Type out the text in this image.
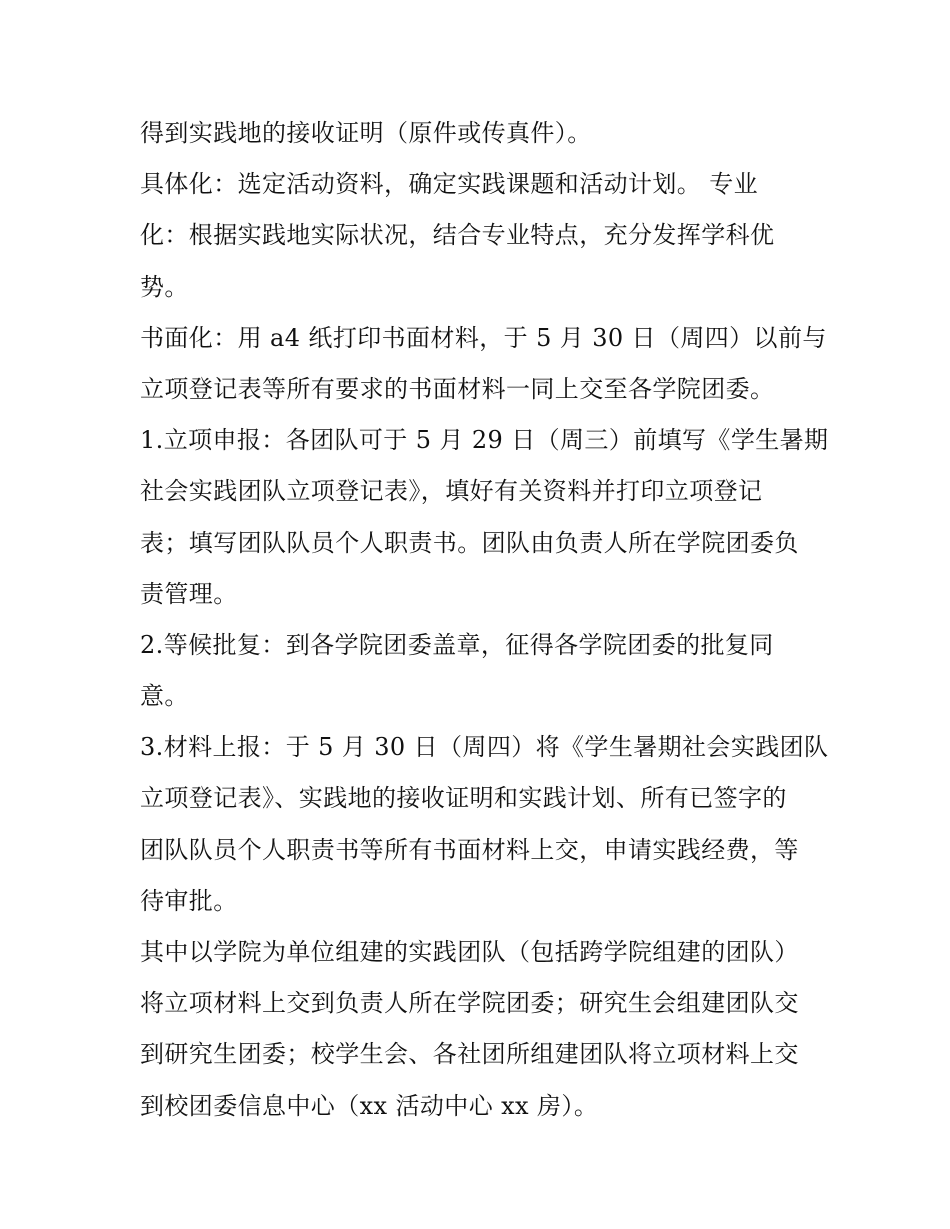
得到实践地的接收证明（原件或传真件）。
具体化：选定活动资料，确定实践课题和活动计划。 专业
化：根据实践地实际状况，结合专业特点，充分发挥学科优
势。
书面化：用 a4 纸打印书面材料，于 5 月 30 日（周四）以前与
立项登记表等所有要求的书面材料一同上交至各学院团委。
1.立项申报：各团队可于 5 月 29 日（周三）前填写《学生暑期
社会实践团队立项登记表》，填好有关资料并打印立项登记
表；填写团队队员个人职责书。团队由负责人所在学院团委负
责管理。
2.等候批复：到各学院团委盖章，征得各学院团委的批复同
意。
3.材料上报：于 5 月 30 日（周四）将《学生暑期社会实践团队
立项登记表》、实践地的接收证明和实践计划、所有已签字的
团队队员个人职责书等所有书面材料上交，申请实践经费，等
待审批。
其中以学院为单位组建的实践团队（包括跨学院组建的团队）
将立项材料上交到负责人所在学院团委；研究生会组建团队交
到研究生团委；校学生会、各社团所组建团队将立项材料上交
到校团委信息中心（xx 活动中心 xx 房）。
